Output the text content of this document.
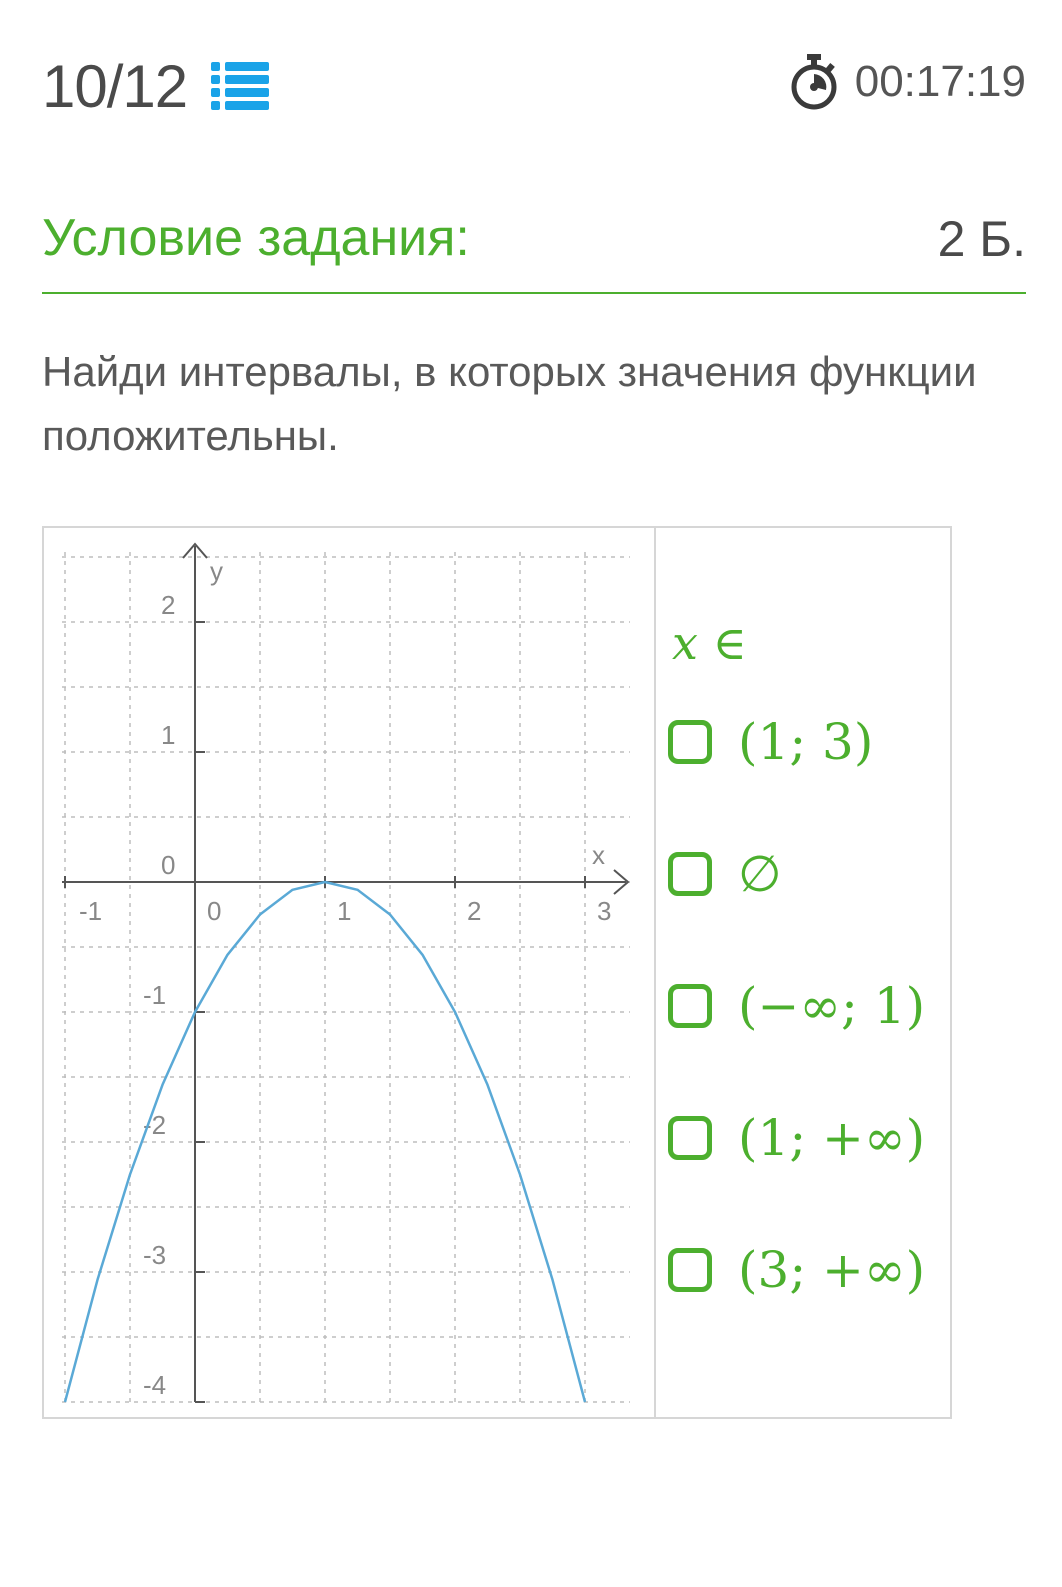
10/12	00:17:19
Условие задания:	2 Б.
Найди интервалы, в которых значения функции положительны.
-1	0	1	2	3
2
1
0
-1
-2
-3
-4
x
y
x ∈
(1; 3)
∅
(−∞; 1)
(1; +∞)
(3; +∞)
